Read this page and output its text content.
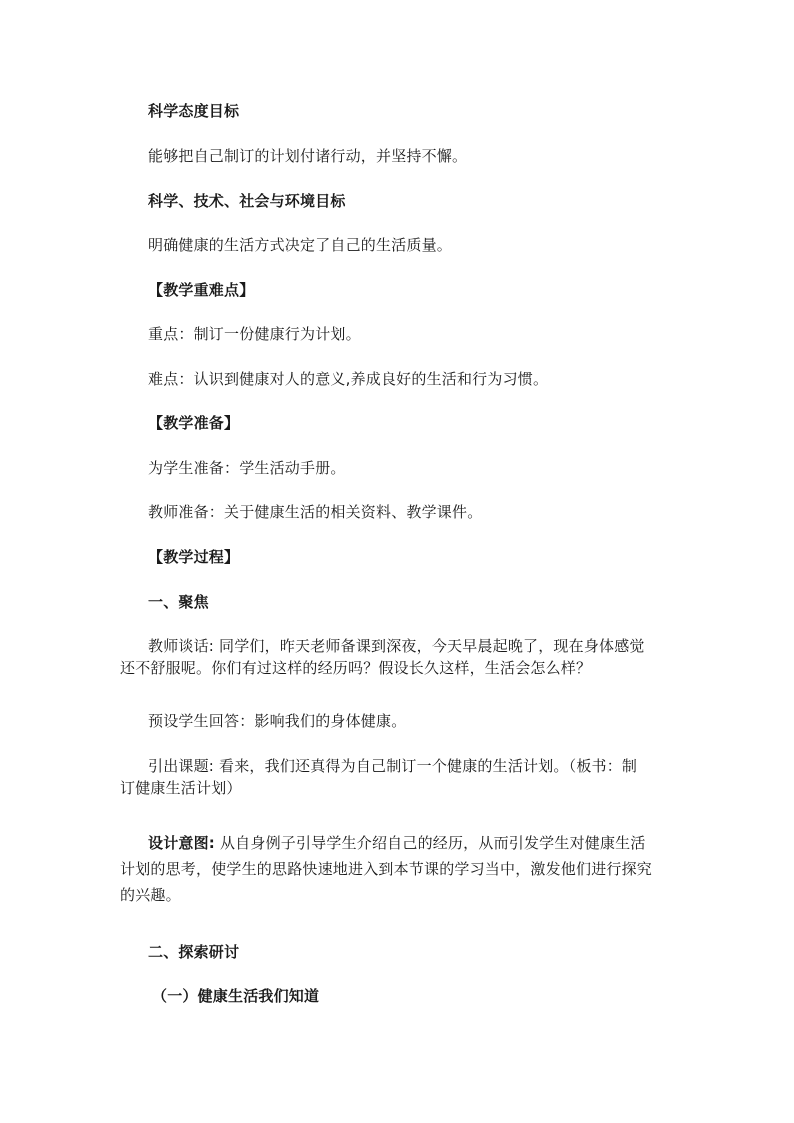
科学态度目标
能够把自己制订的计划付诸行动，并坚持不懈。
科学、技术、社会与环境目标
明确健康的生活方式决定了自己的生活质量。
【教学重难点】
重点：制订一份健康行为计划。
难点：认识到健康对人的意义,养成良好的生活和行为习惯。
【教学准备】
为学生准备：学生活动手册。
教师准备：关于健康生活的相关资料、教学课件。
【教学过程】
一、聚焦
教师谈话: 同学们，昨天老师备课到深夜，今天早晨起晚了，现在身体感觉
还不舒服呢。你们有过这样的经历吗？假设长久这样，生活会怎么样？
预设学生回答：影响我们的身体健康。
引出课题: 看来，我们还真得为自己制订一个健康的生活计划。（板书：制
订健康生活计划）
设计意图: 从自身例子引导学生介绍自己的经历，从而引发学生对健康生活
计划的思考，使学生的思路快速地进入到本节课的学习当中，激发他们进行探究
的兴趣。
二、探索研讨
（一）健康生活我们知道
